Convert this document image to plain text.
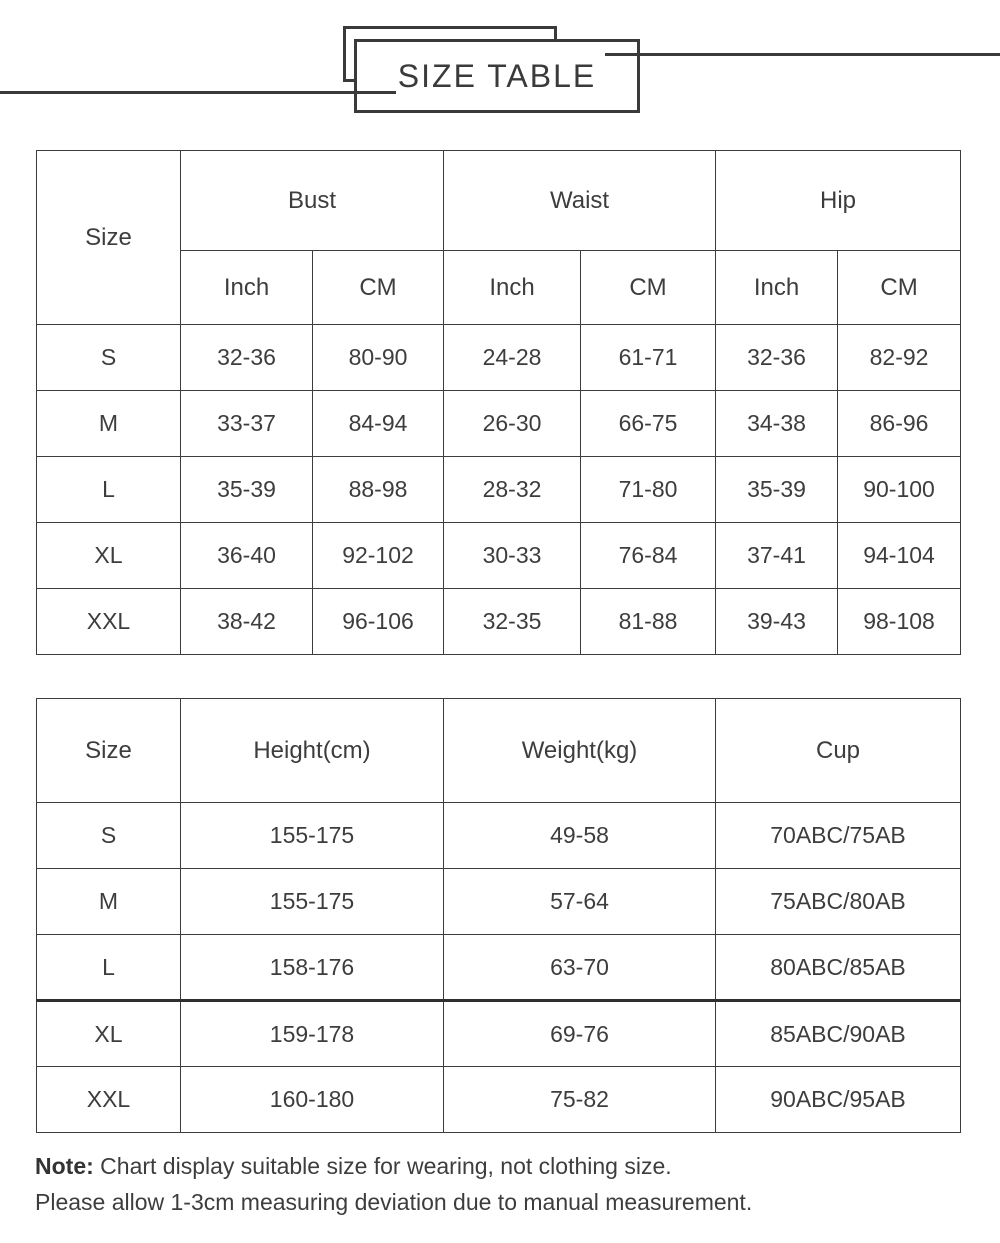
SIZE TABLE
Size	Bust		Waist		Hip	
	Inch	CM	Inch	CM	Inch	CM
S	32-36	80-90	24-28	61-71	32-36	82-92
M	33-37	84-94	26-30	66-75	34-38	86-96
L	35-39	88-98	28-32	71-80	35-39	90-100
XL	36-40	92-102	30-33	76-84	37-41	94-104
XXL	38-42	96-106	32-35	81-88	39-43	98-108
Size	Height(cm)	Weight(kg)	Cup
S	155-175	49-58	70ABC/75AB
M	155-175	57-64	75ABC/80AB
L	158-176	63-70	80ABC/85AB
XL	159-178	69-76	85ABC/90AB
XXL	160-180	75-82	90ABC/95AB
Note: Chart display suitable size for wearing, not clothing size.
Please allow 1-3cm measuring deviation due to manual measurement.
